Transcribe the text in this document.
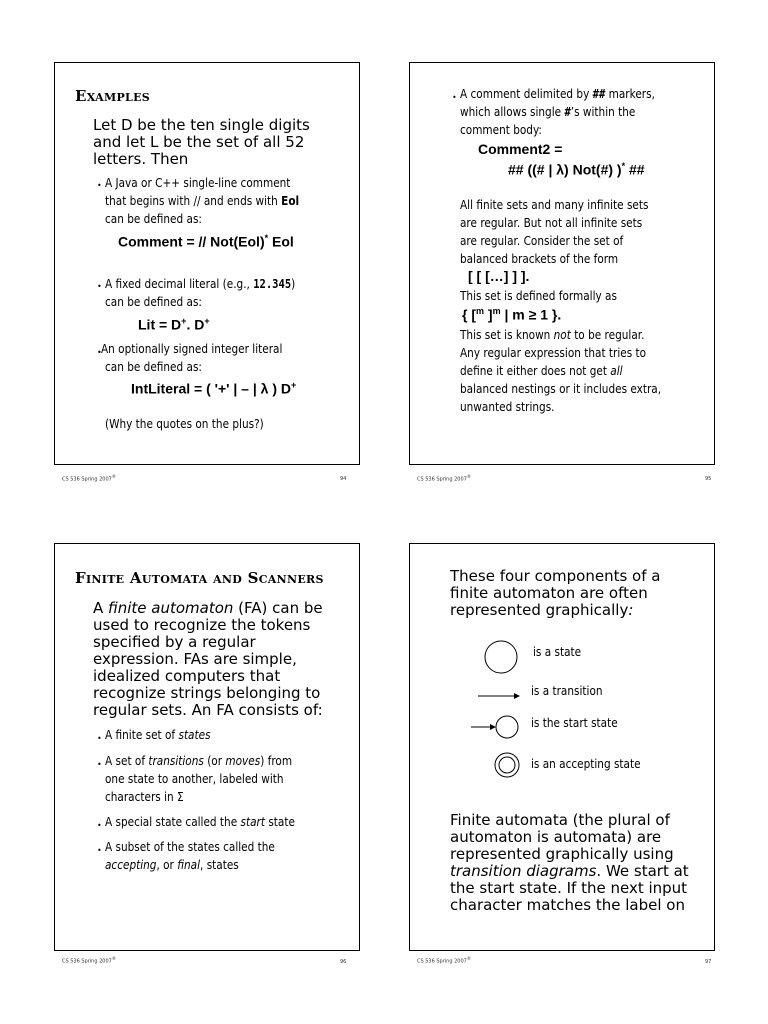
Examples
Let D be the ten single digits
and let L be the set of all 52
letters. Then
• A Java or C++ single-line comment
that begins with // and ends with Eol
can be defined as:
Comment = // Not(Eol)* Eol
• A fixed decimal literal (e.g., 12.345)
can be defined as:
Lit = D+. D+
• An optionally signed integer literal
can be defined as:
IntLiteral = ( '+' | – | λ ) D+
(Why the quotes on the plus?)
CS 536 Spring 2007®	94
• A comment delimited by ## markers,
which allows single #’s within the
comment body:
Comment2 =
## ((# | λ) Not(#) )* ##
All finite sets and many infinite sets
are regular. But not all infinite sets
are regular. Consider the set of
balanced brackets of the form
[ [ […] ] ].
This set is defined formally as
{ [$^m$ ]$^m$ | m ≥ 1 }.
This set is known not to be regular.
Any regular expression that tries to
define it either does not get all
balanced nestings or it includes extra,
unwanted strings.
CS 536 Spring 2007®	95
Finite Automata and Scanners
A finite automaton (FA) can be
used to recognize the tokens
specified by a regular
expression. FAs are simple,
idealized computers that
recognize strings belonging to
regular sets. An FA consists of:
• A finite set of states
• A set of transitions (or moves) from
one state to another, labeled with
characters in Σ
• A special state called the start state
• A subset of the states called the
accepting, or final, states
CS 536 Spring 2007®
96
These four components of a
finite automaton are often
represented graphically:
is a state
is a transition
is the start state
is an accepting state
Finite automata (the plural of
automaton is automata) are
represented graphically using
transition diagrams. We start at
the start state. If the next input
character matches the label on
CS 536 Spring 2007®
97
